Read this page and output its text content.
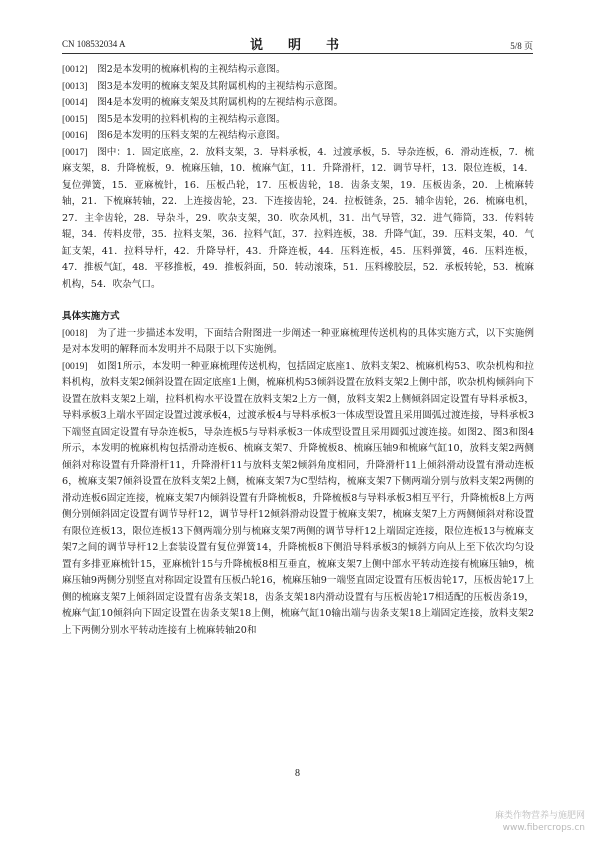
CN 108532034 A	说　明　书	5/8 页

[0012]　 图2是本发明的梳麻机构的主视结构示意图。

[0013]　 图3是本发明的梳麻支架及其附属机构的主视结构示意图。

[0014]　 图4是本发明的梳麻支架及其附属机构的左视结构示意图。

[0015]　 图5是本发明的拉料机构的主视结构示意图。

[0016]　 图6是本发明的压料支架的左视结构示意图。

[0017]　 图中：1．固定底座，2．放料支架，3．导料承板，4．过渡承板，5．导杂连板，6．滑动连板，7．梳麻支架，8．升降梳板，9．梳麻压轴，10．梳麻气缸，11．升降滑杆，12．调节导杆，13．限位连板，14．复位弹簧，15．亚麻梳针，16．压板凸轮，17．压板齿轮，18．齿条支架，19．压板齿条，20．上梳麻转轴，21．下梳麻转轴，22．上连接齿轮，23．下连接齿轮，24．拉板链条，25．辅伞齿轮，26．梳麻电机，27．主伞齿轮，28．导杂斗，29．吹杂支架，30．吹杂风机，31．出气导管，32．进气筛筒，33．传料转辊，34．传料皮带，35．拉料支架，36．拉料气缸，37．拉料连板，38．升降气缸，39．压料支架，40．气缸支架，41．拉料导杆，42．升降导杆，43．升降连板，44．压料连板，45．压料弹簧，46．压料连板，47．推板气缸，48．平移推板，49．推板斜面，50．转动滚珠，51．压料橡胶层，52．承板转轮，53．梳麻机构，54．吹杂气口。

具体实施方式

[0018]　 为了进一步描述本发明，下面结合附图进一步阐述一种亚麻梳理传送机构的具体实施方式，以下实施例是对本发明的解释而本发明并不局限于以下实施例。

[0019]　 如图1所示，本发明一种亚麻梳理传送机构，包括固定底座1、放料支架2、梳麻机构53、吹杂机构和拉料机构，放料支架2倾斜设置在固定底座1上侧，梳麻机构53倾斜设置在放料支架2上侧中部，吹杂机构倾斜向下设置在放料支架2上端，拉料机构水平设置在放料支架2上方一侧，放料支架2上侧倾斜固定设置有导料承板3，导料承板3上端水平固定设置过渡承板4，过渡承板4与导料承板3一体成型设置且采用圆弧过渡连接，导料承板3下端竖直固定设置有导杂连板5，导杂连板5与导料承板3一体成型设置且采用圆弧过渡连接。如图2、图3和图4所示，本发明的梳麻机构包括滑动连板6、梳麻支架7、升降梳板8、梳麻压轴9和梳麻气缸10，放料支架2两侧倾斜对称设置有升降滑杆11，升降滑杆11与放料支架2倾斜角度相同，升降滑杆11上倾斜滑动设置有滑动连板6，梳麻支架7倾斜设置在放料支架2上侧，梳麻支架7为C型结构，梳麻支架7下侧两端分别与放料支架2两侧的滑动连板6固定连接，梳麻支架7内倾斜设置有升降梳板8，升降梳板8与导料承板3相互平行，升降梳板8上方两侧分别倾斜固定设置有调节导杆12，调节导杆12倾斜滑动设置于梳麻支架7，梳麻支架7上方两侧倾斜对称设置有限位连板13，限位连板13下侧两端分别与梳麻支架7两侧的调节导杆12上端固定连接，限位连板13与梳麻支架7之间的调节导杆12上套装设置有复位弹簧14，升降梳板8下侧沿导料承板3的倾斜方向从上至下依次均匀设置有多排亚麻梳针15，亚麻梳针15与升降梳板8相互垂直，梳麻支架7上侧中部水平转动连接有梳麻压轴9，梳麻压轴9两侧分别竖直对称固定设置有压板凸轮16，梳麻压轴9一端竖直固定设置有压板齿轮17，压板齿轮17上侧的梳麻支架7上倾斜固定设置有齿条支架18，齿条支架18内滑动设置有与压板齿轮17相适配的压板齿条19，梳麻气缸10倾斜向下固定设置在齿条支架18上侧，梳麻气缸10输出端与齿条支架18上端固定连接，放料支架2上下两侧分别水平转动连接有上梳麻转轴20和

8
麻类作物营养与施肥网
www.fibercrops.cn
